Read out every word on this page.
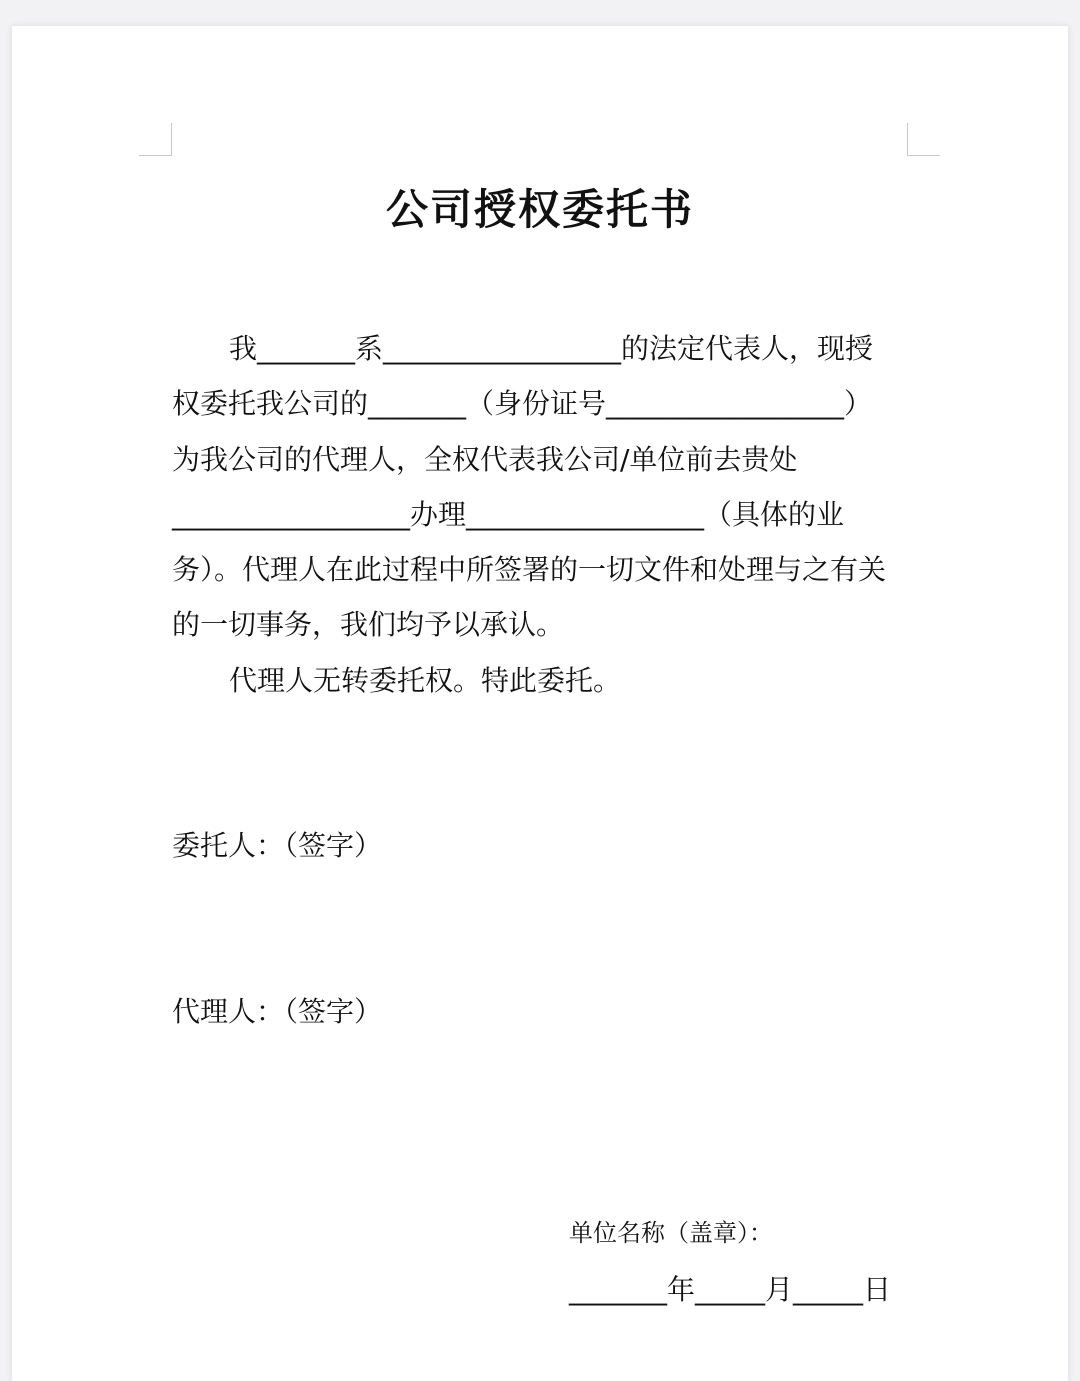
公司授权委托书
我_______系_________________的法定代表人，现授
权委托我公司的_______（身份证号_________________）
为我公司的代理人，全权代表我公司/单位前去贵处
_________________办理_________________（具体的业
务）。代理人在此过程中所签署的一切文件和处理与之有关
的一切事务，我们均予以承认。
代理人无转委托权。特此委托。
委托人：（签字）
代理人：（签字）
单位名称（盖章）：
_______年_____月_____日
